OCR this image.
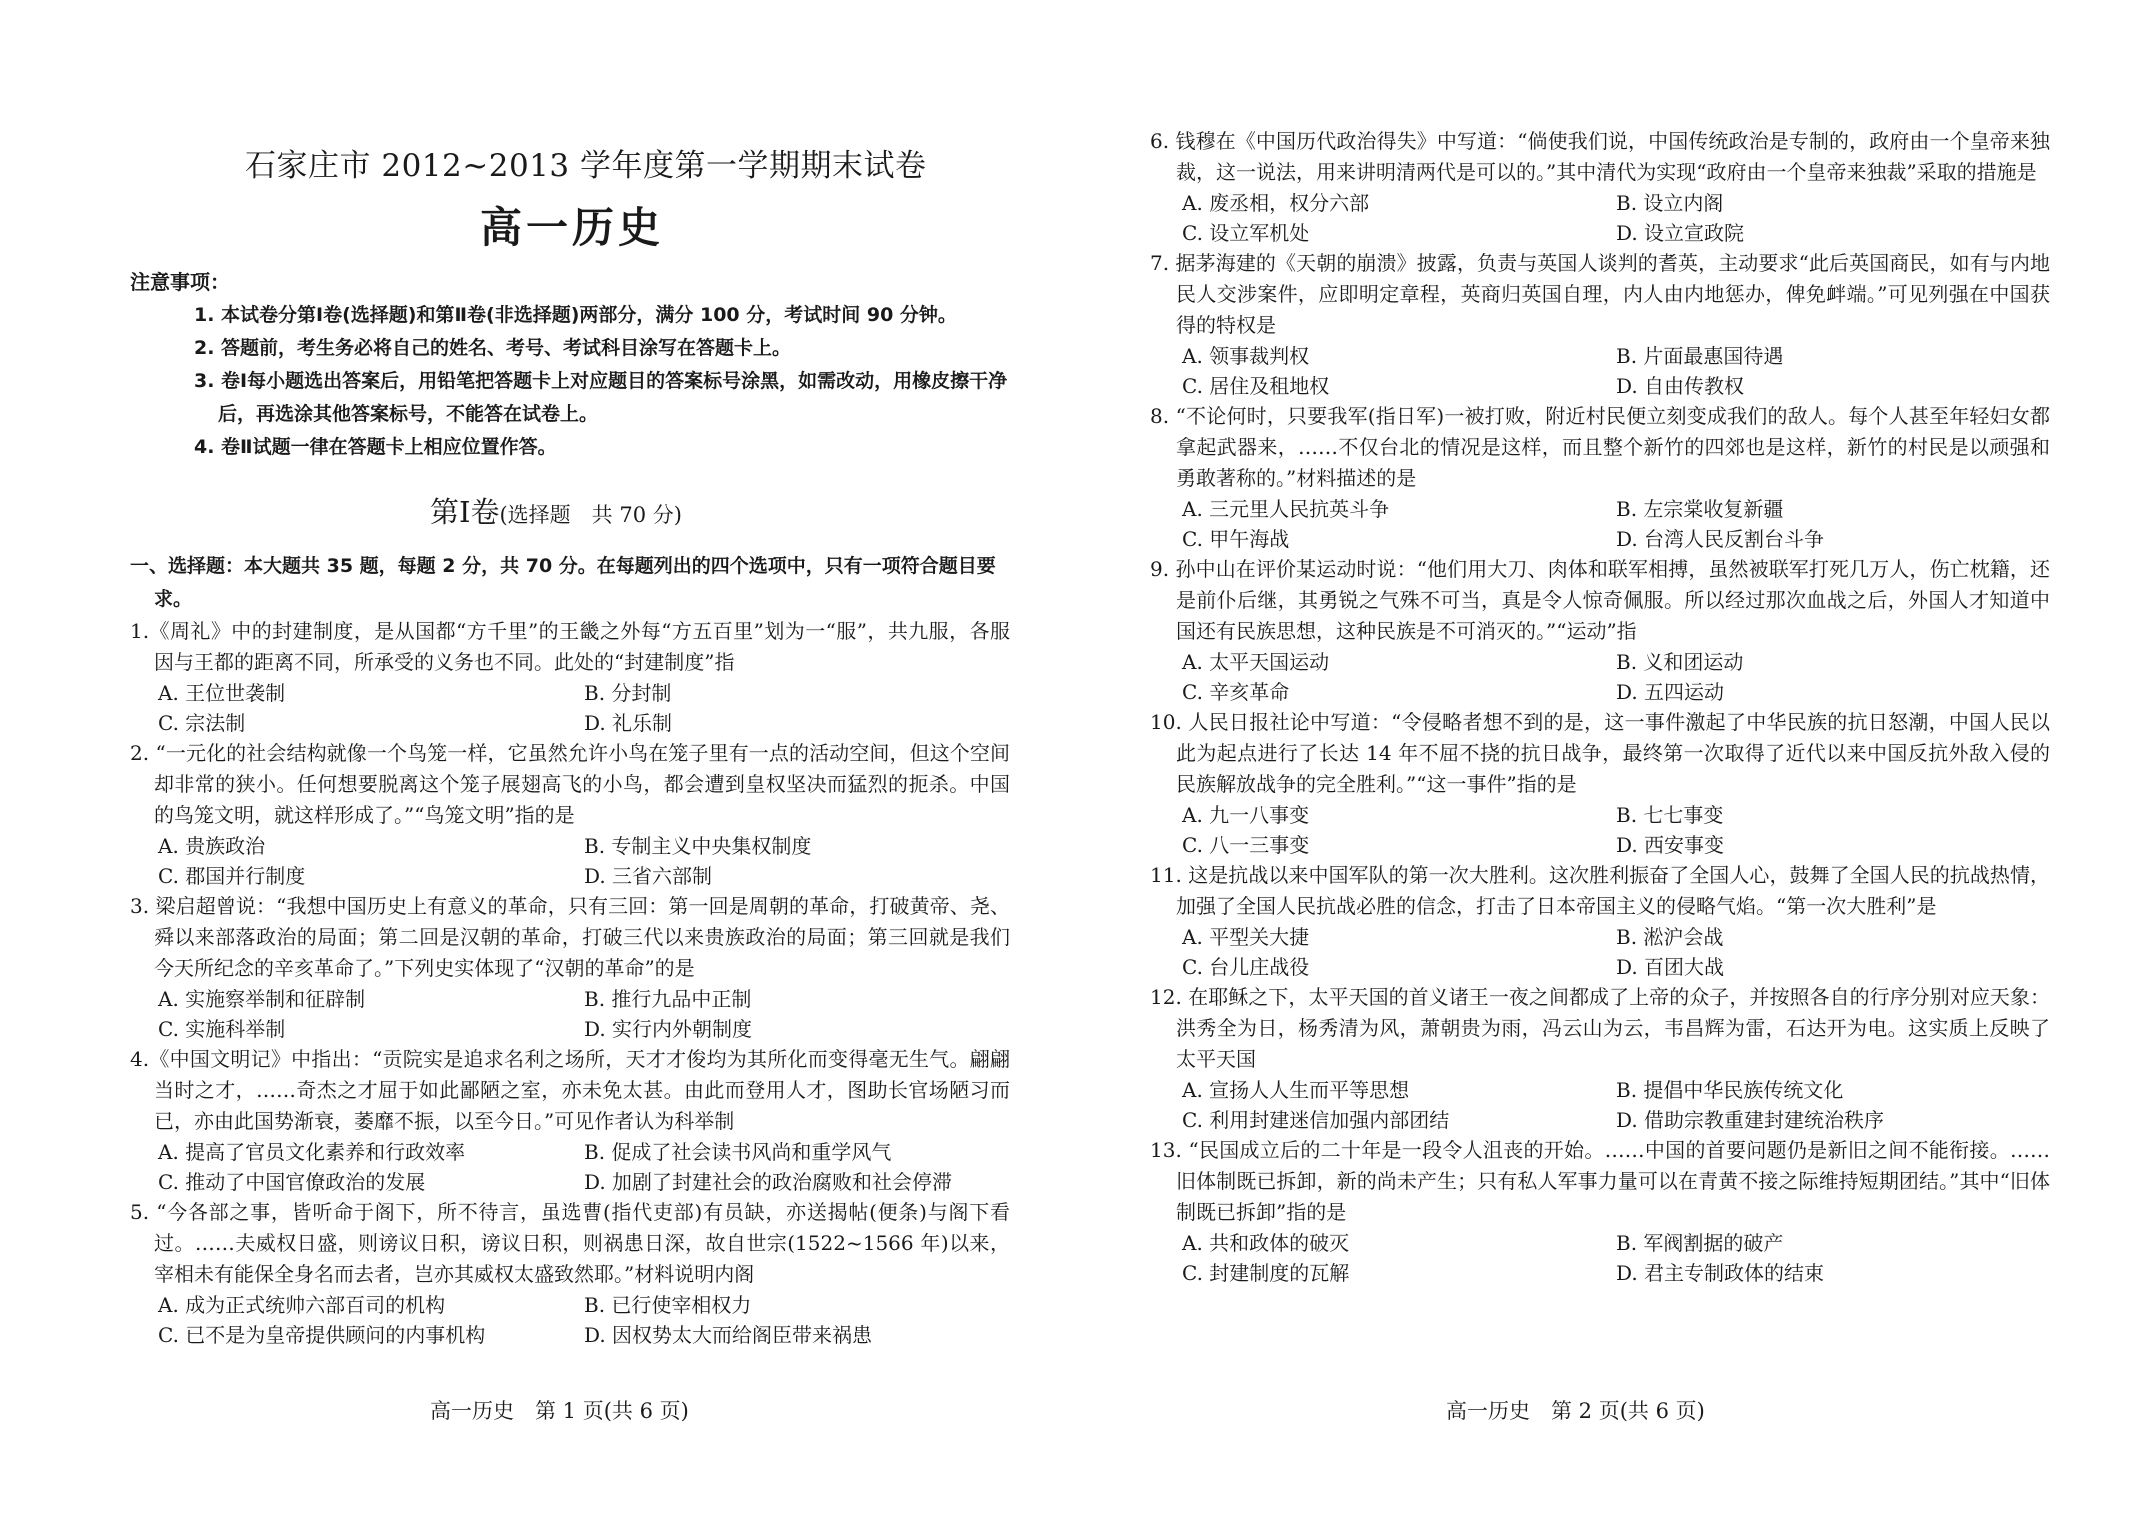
石家庄市 2012~2013 学年度第一学期期末试卷
高一历史
注意事项：
1. 本试卷分第Ⅰ卷(选择题)和第Ⅱ卷(非选择题)两部分，满分 100 分，考试时间 90 分钟。
2. 答题前，考生务必将自己的姓名、考号、考试科目涂写在答题卡上。
3. 卷Ⅰ每小题选出答案后，用铅笔把答题卡上对应题目的答案标号涂黑，如需改动，用橡皮擦干净后，再选涂其他答案标号，不能答在试卷上。
4. 卷Ⅱ试题一律在答题卡上相应位置作答。
第Ⅰ卷(选择题　共 70 分)
一、选择题：本大题共 35 题，每题 2 分，共 70 分。在每题列出的四个选项中，只有一项符合题目要求。

1.《周礼》中的封建制度，是从国都“方千里”的王畿之外每“方五百里”划为一“服”，共九服，各服因与王都的距离不同，所承受的义务也不同。此处的“封建制度”指

A. 王位世袭制	B. 分封制
C. 宗法制	D. 礼乐制

2. “一元化的社会结构就像一个鸟笼一样，它虽然允许小鸟在笼子里有一点的活动空间，但这个空间却非常的狭小。任何想要脱离这个笼子展翅高飞的小鸟，都会遭到皇权坚决而猛烈的扼杀。中国的鸟笼文明，就这样形成了。”“鸟笼文明”指的是

A. 贵族政治	B. 专制主义中央集权制度
C. 郡国并行制度	D. 三省六部制

3. 梁启超曾说：“我想中国历史上有意义的革命，只有三回：第一回是周朝的革命，打破黄帝、尧、舜以来部落政治的局面；第二回是汉朝的革命，打破三代以来贵族政治的局面；第三回就是我们今天所纪念的辛亥革命了。”下列史实体现了“汉朝的革命”的是

A. 实施察举制和征辟制	B. 推行九品中正制
C. 实施科举制	D. 实行内外朝制度

4.《中国文明记》中指出：“贡院实是追求名利之场所，天才才俊均为其所化而变得毫无生气。翩翩当时之才，……奇杰之才屈于如此鄙陋之室，亦未免太甚。由此而登用人才，图助长官场陋习而已，亦由此国势渐衰，萎靡不振，以至今日。”可见作者认为科举制

A. 提高了官员文化素养和行政效率	B. 促成了社会读书风尚和重学风气
C. 推动了中国官僚政治的发展	D. 加剧了封建社会的政治腐败和社会停滞

5. “今各部之事，皆听命于阁下，所不待言，虽选曹(指代吏部)有员缺，亦送揭帖(便条)与阁下看过。……夫威权日盛，则谤议日积，谤议日积，则祸患日深，故自世宗(1522~1566 年)以来，宰相未有能保全身名而去者，岂亦其威权太盛致然耶。”材料说明内阁

A. 成为正式统帅六部百司的机构	B. 已行使宰相权力
C. 已不是为皇帝提供顾问的内事机构	D. 因权势太大而给阁臣带来祸患
高一历史　第 1 页(共 6 页)

6. 钱穆在《中国历代政治得失》中写道：“倘使我们说，中国传统政治是专制的，政府由一个皇帝来独裁，这一说法，用来讲明清两代是可以的。”其中清代为实现“政府由一个皇帝来独裁”采取的措施是

A. 废丞相，权分六部	B. 设立内阁
C. 设立军机处	D. 设立宣政院

7. 据茅海建的《天朝的崩溃》披露，负责与英国人谈判的耆英，主动要求“此后英国商民，如有与内地民人交涉案件，应即明定章程，英商归英国自理，内人由内地惩办，俾免衅端。”可见列强在中国获得的特权是

A. 领事裁判权	B. 片面最惠国待遇
C. 居住及租地权	D. 自由传教权

8. “不论何时，只要我军(指日军)一被打败，附近村民便立刻变成我们的敌人。每个人甚至年轻妇女都拿起武器来，……不仅台北的情况是这样，而且整个新竹的四郊也是这样，新竹的村民是以顽强和勇敢著称的。”材料描述的是

A. 三元里人民抗英斗争	B. 左宗棠收复新疆
C. 甲午海战	D. 台湾人民反割台斗争

9. 孙中山在评价某运动时说：“他们用大刀、肉体和联军相搏，虽然被联军打死几万人，伤亡枕籍，还是前仆后继，其勇锐之气殊不可当，真是令人惊奇佩服。所以经过那次血战之后，外国人才知道中国还有民族思想，这种民族是不可消灭的。”“运动”指

A. 太平天国运动	B. 义和团运动
C. 辛亥革命	D. 五四运动

10. 人民日报社论中写道：“令侵略者想不到的是，这一事件激起了中华民族的抗日怒潮，中国人民以此为起点进行了长达 14 年不屈不挠的抗日战争，最终第一次取得了近代以来中国反抗外敌入侵的民族解放战争的完全胜利。”“这一事件”指的是

A. 九一八事变	B. 七七事变
C. 八一三事变	D. 西安事变

11. 这是抗战以来中国军队的第一次大胜利。这次胜利振奋了全国人心，鼓舞了全国人民的抗战热情，加强了全国人民抗战必胜的信念，打击了日本帝国主义的侵略气焰。“第一次大胜利”是

A. 平型关大捷	B. 淞沪会战
C. 台儿庄战役	D. 百团大战

12. 在耶稣之下，太平天国的首义诸王一夜之间都成了上帝的众子，并按照各自的行序分别对应天象：洪秀全为日，杨秀清为风，萧朝贵为雨，冯云山为云，韦昌辉为雷，石达开为电。这实质上反映了太平天国

A. 宣扬人人生而平等思想	B. 提倡中华民族传统文化
C. 利用封建迷信加强内部团结	D. 借助宗教重建封建统治秩序

13. “民国成立后的二十年是一段令人沮丧的开始。……中国的首要问题仍是新旧之间不能衔接。……旧体制既已拆卸，新的尚未产生；只有私人军事力量可以在青黄不接之际维持短期团结。”其中“旧体制既已拆卸”指的是

A. 共和政体的破灭	B. 军阀割据的破产
C. 封建制度的瓦解	D. 君主专制政体的结束
高一历史　第 2 页(共 6 页)
